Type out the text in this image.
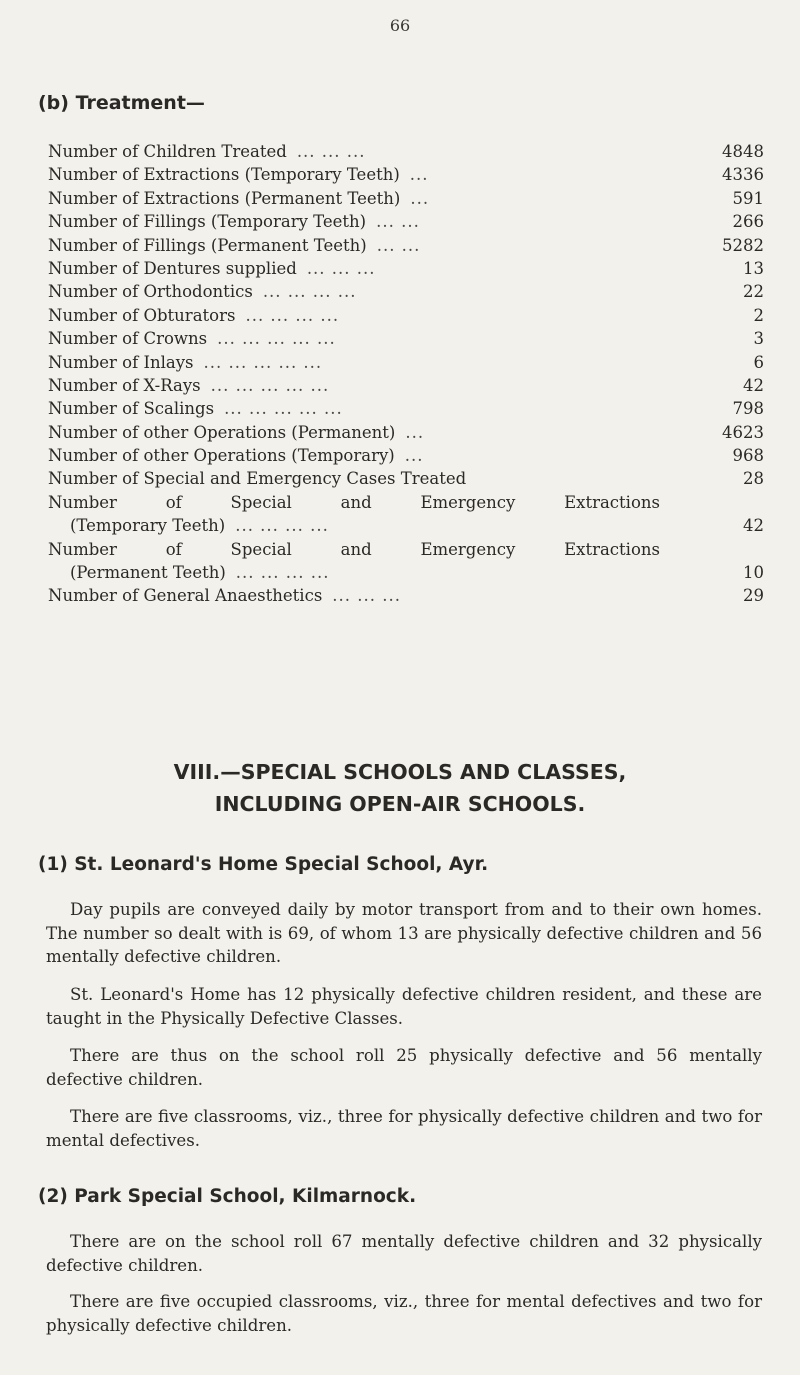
66
(b) Treatment—
Number of Children Treated ... ... ...	4848
Number of Extractions (Temporary Teeth) ...	4336
Number of Extractions (Permanent Teeth) ...	591
Number of Fillings (Temporary Teeth) ... ...	266
Number of Fillings (Permanent Teeth) ... ...	5282
Number of Dentures supplied ... ... ...	13
Number of Orthodontics ... ... ... ...	22
Number of Obturators ... ... ... ...	2
Number of Crowns ... ... ... ... ...	3
Number of Inlays ... ... ... ... ...	6
Number of X-Rays ... ... ... ... ...	42
Number of Scalings ... ... ... ... ...	798
Number of other Operations (Permanent) ...	4623
Number of other Operations (Temporary) ...	968
Number of Special and Emergency Cases Treated	28
Number of Special and Emergency Extractions
(Temporary Teeth) ... ... ... ...	42
Number of Special and Emergency Extractions
(Permanent Teeth) ... ... ... ...	10
Number of General Anaesthetics ... ... ...	29
VIII.—SPECIAL SCHOOLS AND CLASSES,
INCLUDING OPEN-AIR SCHOOLS.
(1) St. Leonard's Home Special School, Ayr.
Day pupils are conveyed daily by motor transport from and to their own homes. The number so dealt with is 69, of whom 13 are physically defective children and 56 mentally defective children.
St. Leonard's Home has 12 physically defective children resident, and these are taught in the Physically Defective Classes.
There are thus on the school roll 25 physically defective and 56 mentally defective children.
There are five classrooms, viz., three for physically defective children and two for mental defectives.
(2) Park Special School, Kilmarnock.
There are on the school roll 67 mentally defective children and 32 physically defective children.
There are five occupied classrooms, viz., three for mental defectives and two for physically defective children.
